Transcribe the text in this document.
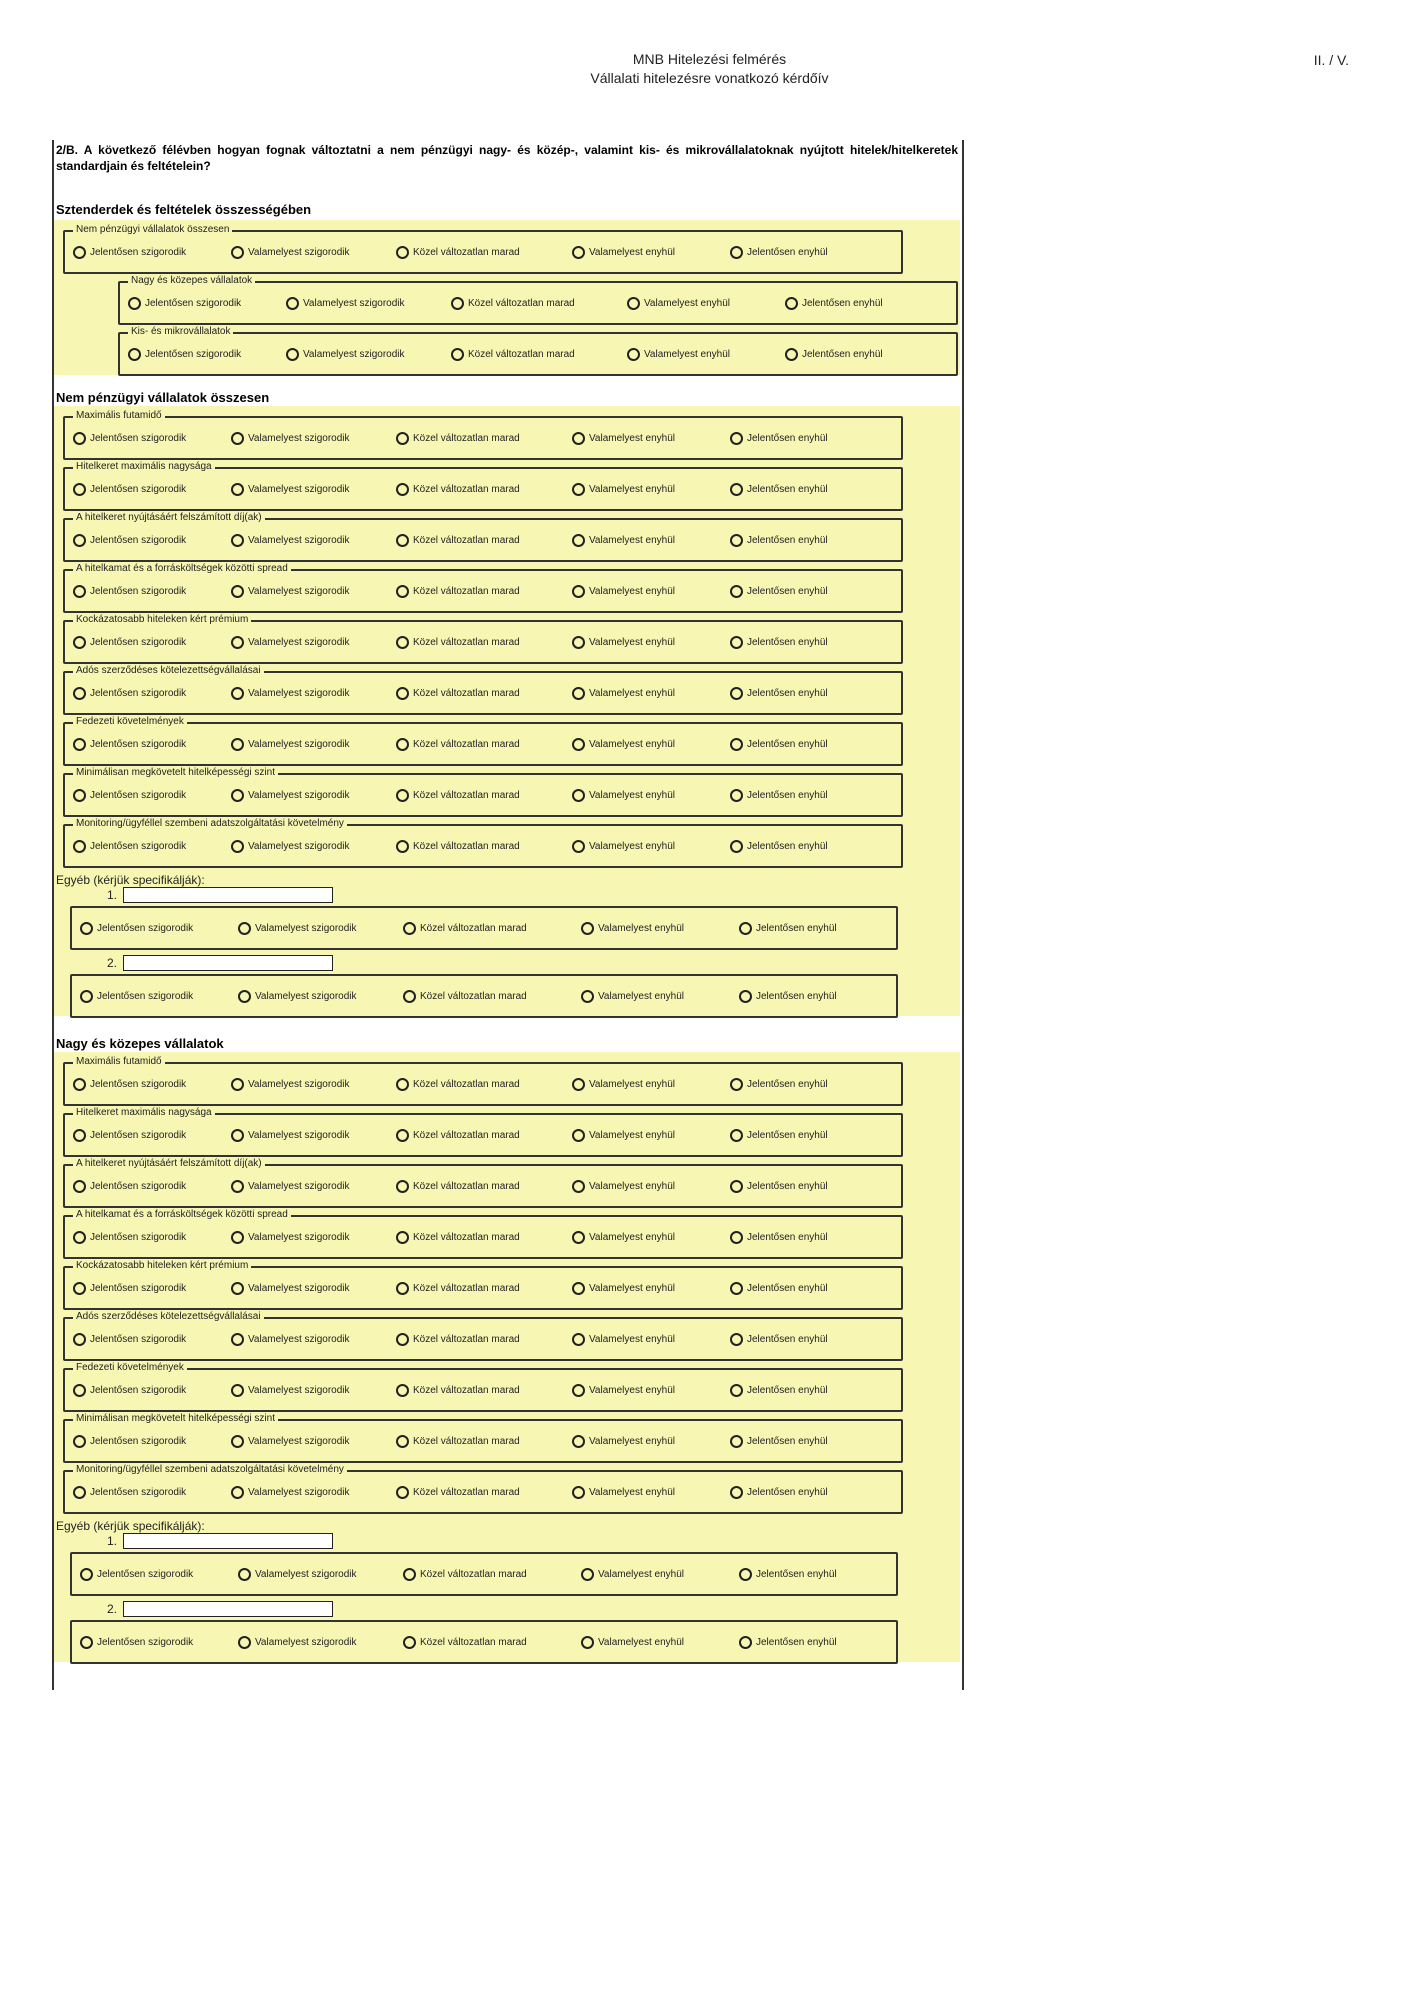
MNB Hitelezési felmérés
Vállalati hitelezésre vonatkozó kérdőív
II. / V.
2/B. A következő félévben hogyan fognak változtatni a nem pénzügyi nagy- és közép-, valamint kis- és mikrovállalatoknak nyújtott hitelek/hitelkeretek standardjain és feltételein?
Sztenderdek és feltételek összességében
Nem pénzügyi vállalatok összesen
Jelentősen szigorodik	Valamelyest szigorodik	Közel változatlan marad	Valamelyest enyhül	Jelentősen enyhül
Nagy és közepes vállalatok
Jelentősen szigorodik	Valamelyest szigorodik	Közel változatlan marad	Valamelyest enyhül	Jelentősen enyhül
Kis- és mikrovállalatok
Jelentősen szigorodik	Valamelyest szigorodik	Közel változatlan marad	Valamelyest enyhül	Jelentősen enyhül
Nem pénzügyi vállalatok összesen
Maximális futamidő
Jelentősen szigorodik	Valamelyest szigorodik	Közel változatlan marad	Valamelyest enyhül	Jelentősen enyhül
Hitelkeret maximális nagysága
Jelentősen szigorodik	Valamelyest szigorodik	Közel változatlan marad	Valamelyest enyhül	Jelentősen enyhül
A hitelkeret nyújtásáért felszámított díj(ak)
Jelentősen szigorodik	Valamelyest szigorodik	Közel változatlan marad	Valamelyest enyhül	Jelentősen enyhül
A hitelkamat és a forrásköltségek közötti spread
Jelentősen szigorodik	Valamelyest szigorodik	Közel változatlan marad	Valamelyest enyhül	Jelentősen enyhül
Kockázatosabb hiteleken kért prémium
Jelentősen szigorodik	Valamelyest szigorodik	Közel változatlan marad	Valamelyest enyhül	Jelentősen enyhül
Adós szerződéses kötelezettségvállalásai
Jelentősen szigorodik	Valamelyest szigorodik	Közel változatlan marad	Valamelyest enyhül	Jelentősen enyhül
Fedezeti követelmények
Jelentősen szigorodik	Valamelyest szigorodik	Közel változatlan marad	Valamelyest enyhül	Jelentősen enyhül
Minimálisan megkövetelt hitelképességi szint
Jelentősen szigorodik	Valamelyest szigorodik	Közel változatlan marad	Valamelyest enyhül	Jelentősen enyhül
Monitoring/ügyféllel szembeni adatszolgáltatási követelmény
Jelentősen szigorodik	Valamelyest szigorodik	Közel változatlan marad	Valamelyest enyhül	Jelentősen enyhül
Egyéb (kérjük specifikálják):
1.
2.
Jelentősen szigorodik	Valamelyest szigorodik	Közel változatlan marad	Valamelyest enyhül	Jelentősen enyhül
Jelentősen szigorodik	Valamelyest szigorodik	Közel változatlan marad	Valamelyest enyhül	Jelentősen enyhül
Nagy és közepes vállalatok
Maximális futamidő
Jelentősen szigorodik	Valamelyest szigorodik	Közel változatlan marad	Valamelyest enyhül	Jelentősen enyhül
Hitelkeret maximális nagysága
Jelentősen szigorodik	Valamelyest szigorodik	Közel változatlan marad	Valamelyest enyhül	Jelentősen enyhül
A hitelkeret nyújtásáért felszámított díj(ak)
Jelentősen szigorodik	Valamelyest szigorodik	Közel változatlan marad	Valamelyest enyhül	Jelentősen enyhül
A hitelkamat és a forrásköltségek közötti spread
Jelentősen szigorodik	Valamelyest szigorodik	Közel változatlan marad	Valamelyest enyhül	Jelentősen enyhül
Kockázatosabb hiteleken kért prémium
Jelentősen szigorodik	Valamelyest szigorodik	Közel változatlan marad	Valamelyest enyhül	Jelentősen enyhül
Adós szerződéses kötelezettségvállalásai
Jelentősen szigorodik	Valamelyest szigorodik	Közel változatlan marad	Valamelyest enyhül	Jelentősen enyhül
Fedezeti követelmények
Jelentősen szigorodik	Valamelyest szigorodik	Közel változatlan marad	Valamelyest enyhül	Jelentősen enyhül
Minimálisan megkövetelt hitelképességi szint
Jelentősen szigorodik	Valamelyest szigorodik	Közel változatlan marad	Valamelyest enyhül	Jelentősen enyhül
Monitoring/ügyféllel szembeni adatszolgáltatási követelmény
Jelentősen szigorodik	Valamelyest szigorodik	Közel változatlan marad	Valamelyest enyhül	Jelentősen enyhül
Egyéb (kérjük specifikálják):
1.
2.
Jelentősen szigorodik	Valamelyest szigorodik	Közel változatlan marad	Valamelyest enyhül	Jelentősen enyhül
Jelentősen szigorodik	Valamelyest szigorodik	Közel változatlan marad	Valamelyest enyhül	Jelentősen enyhül
